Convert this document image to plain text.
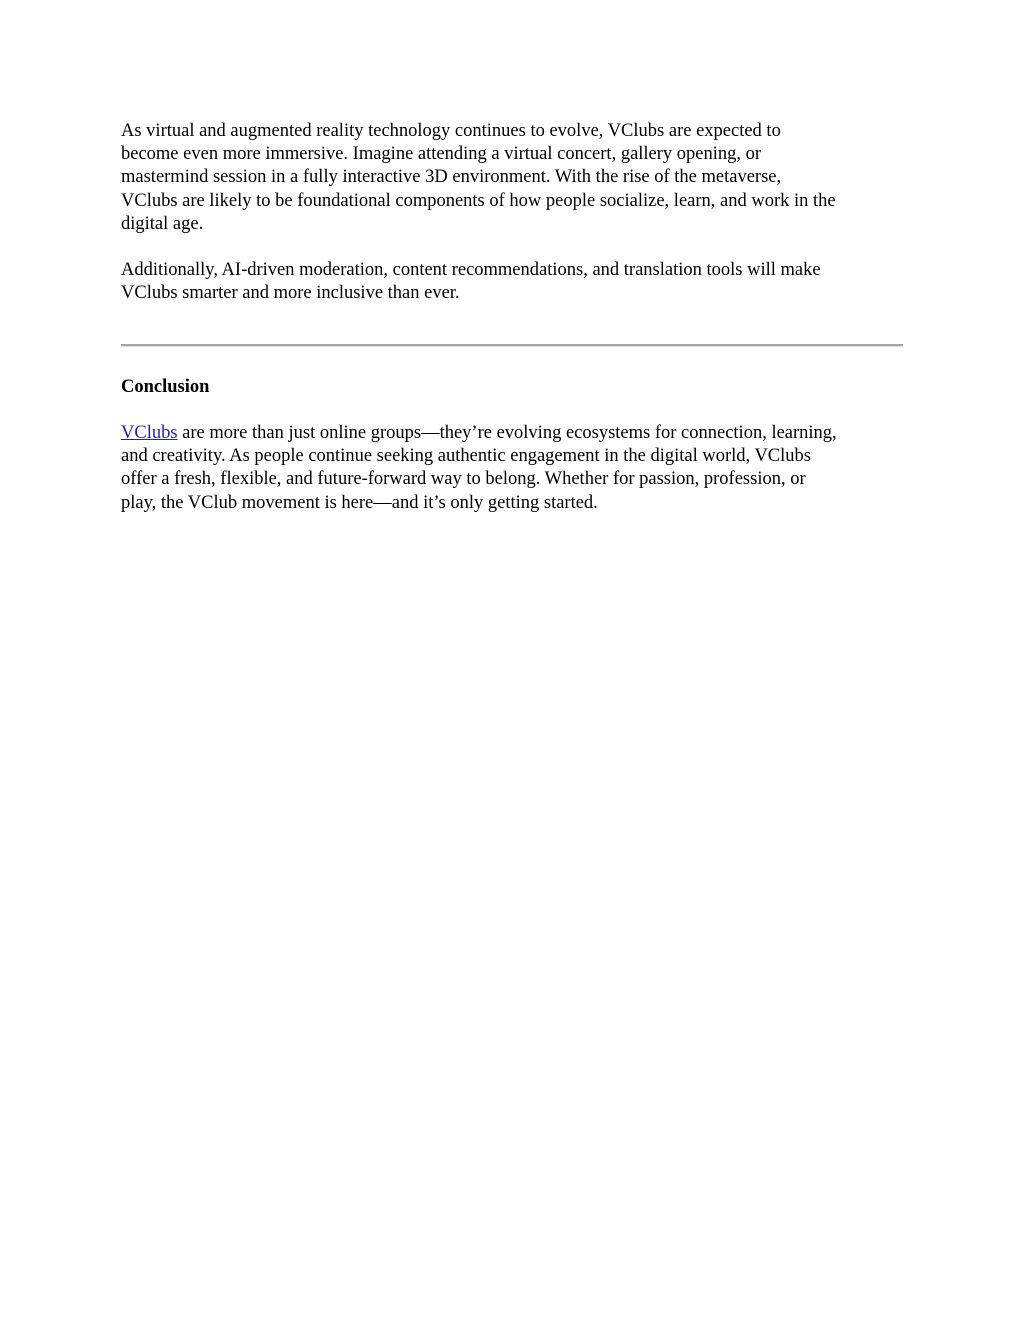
As virtual and augmented reality technology continues to evolve, VClubs are expected to
become even more immersive. Imagine attending a virtual concert, gallery opening, or
mastermind session in a fully interactive 3D environment. With the rise of the metaverse,
VClubs are likely to be foundational components of how people socialize, learn, and work in the
digital age.

Additionally, AI-driven moderation, content recommendations, and translation tools will make
VClubs smarter and more inclusive than ever.

Conclusion

VClubs are more than just online groups—they’re evolving ecosystems for connection, learning,
and creativity. As people continue seeking authentic engagement in the digital world, VClubs
offer a fresh, flexible, and future-forward way to belong. Whether for passion, profession, or
play, the VClub movement is here—and it’s only getting started.
